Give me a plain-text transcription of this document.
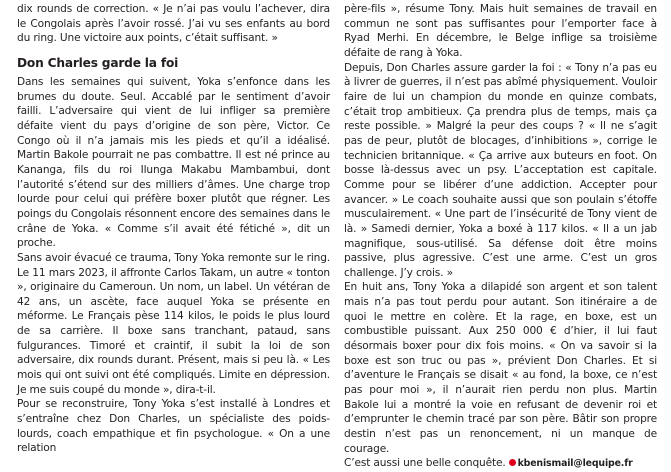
dix rounds de correction. « Je n’ai pas voulu l’achever, dira le Congolais après l’avoir rossé. J’ai vu ses enfants au bord du ring. Une victoire aux points, c’était suffisant. »

Don Charles garde la foi

Dans les semaines qui suivent, Yoka s’enfonce dans les brumes du doute. Seul. Accablé par le sentiment d’avoir failli. L’adversaire qui vient de lui infliger sa première défaite vient du pays d’origine de son père, Victor. Ce Congo où il n’a jamais mis les pieds et qu’il a idéalisé. Martin Bakole pourrait ne pas combattre. Il est né prince au Kananga, fils du roi Ilunga Makabu Mambambui, dont l’autorité s’étend sur des milliers d’âmes. Une charge trop lourde pour celui qui préfère boxer plutôt que régner. Les poings du Congolais résonnent encore des semaines dans le crâne de Yoka. « Comme s’il avait été fétiché », dit un proche.

Sans avoir évacué ce trauma, Tony Yoka remonte sur le ring. Le 11 mars 2023, il affronte Carlos Takam, un autre « tonton », originaire du Cameroun. Un nom, un label. Un vétéran de 42 ans, un ascète, face auquel Yoka se présente en méforme. Le Français pèse 114 kilos, le poids le plus lourd de sa carrière. Il boxe sans tranchant, pataud, sans fulgurances. Timoré et craintif, il subit la loi de son adversaire, dix rounds durant. Présent, mais si peu là. « Les mois qui ont suivi ont été compliqués. Limite en dépression. Je me suis coupé du monde », dira-t-il.

Pour se reconstruire, Tony Yoka s’est installé à Londres et s’entraîne chez Don Charles, un spécialiste des poids-lourds, coach empathique et fin psychologue. « On a une relation

père-fils », résume Tony. Mais huit semaines de travail en commun ne sont pas suffisantes pour l’emporter face à Ryad Merhi. En décembre, le Belge inflige sa troisième défaite de rang à Yoka.

Depuis, Don Charles assure garder la foi : « Tony n’a pas eu à livrer de guerres, il n’est pas abîmé physiquement. Vouloir faire de lui un champion du monde en quinze combats, c’était trop ambitieux. Ça prendra plus de temps, mais ça reste possible. » Malgré la peur des coups ? « Il ne s’agit pas de peur, plutôt de blocages, d’inhibitions », corrige le technicien britannique. « Ça arrive aux buteurs en foot. On bosse là-dessus avec un psy. L’acceptation est capitale. Comme pour se libérer d’une addiction. Accepter pour avancer. » Le coach souhaite aussi que son poulain s’étoffe musculairement. « Une part de l’insécurité de Tony vient de là. » Samedi dernier, Yoka a boxé à 117 kilos. « Il a un jab magnifique, sous-utilisé. Sa défense doit être moins passive, plus agressive. C’est une arme. C’est un gros challenge. J’y crois. »

En huit ans, Tony Yoka a dilapidé son argent et son talent mais n’a pas tout perdu pour autant. Son itinéraire a de quoi le mettre en colère. Et la rage, en boxe, est un combustible puissant. Aux 250 000 € d’hier, il lui faut désormais boxer pour dix fois moins. « On va savoir si la boxe est son truc ou pas », prévient Don Charles. Et si d’aventure le Français se disait « au fond, la boxe, ce n’est pas pour moi », il n’aurait rien perdu non plus. Martin Bakole lui a montré la voie en refusant de devenir roi et d’emprunter le chemin tracé par son père. Bâtir son propre destin n’est pas un renoncement, ni un manque de courage.

C’est aussi une belle conquête. kbenismail@lequipe.fr
